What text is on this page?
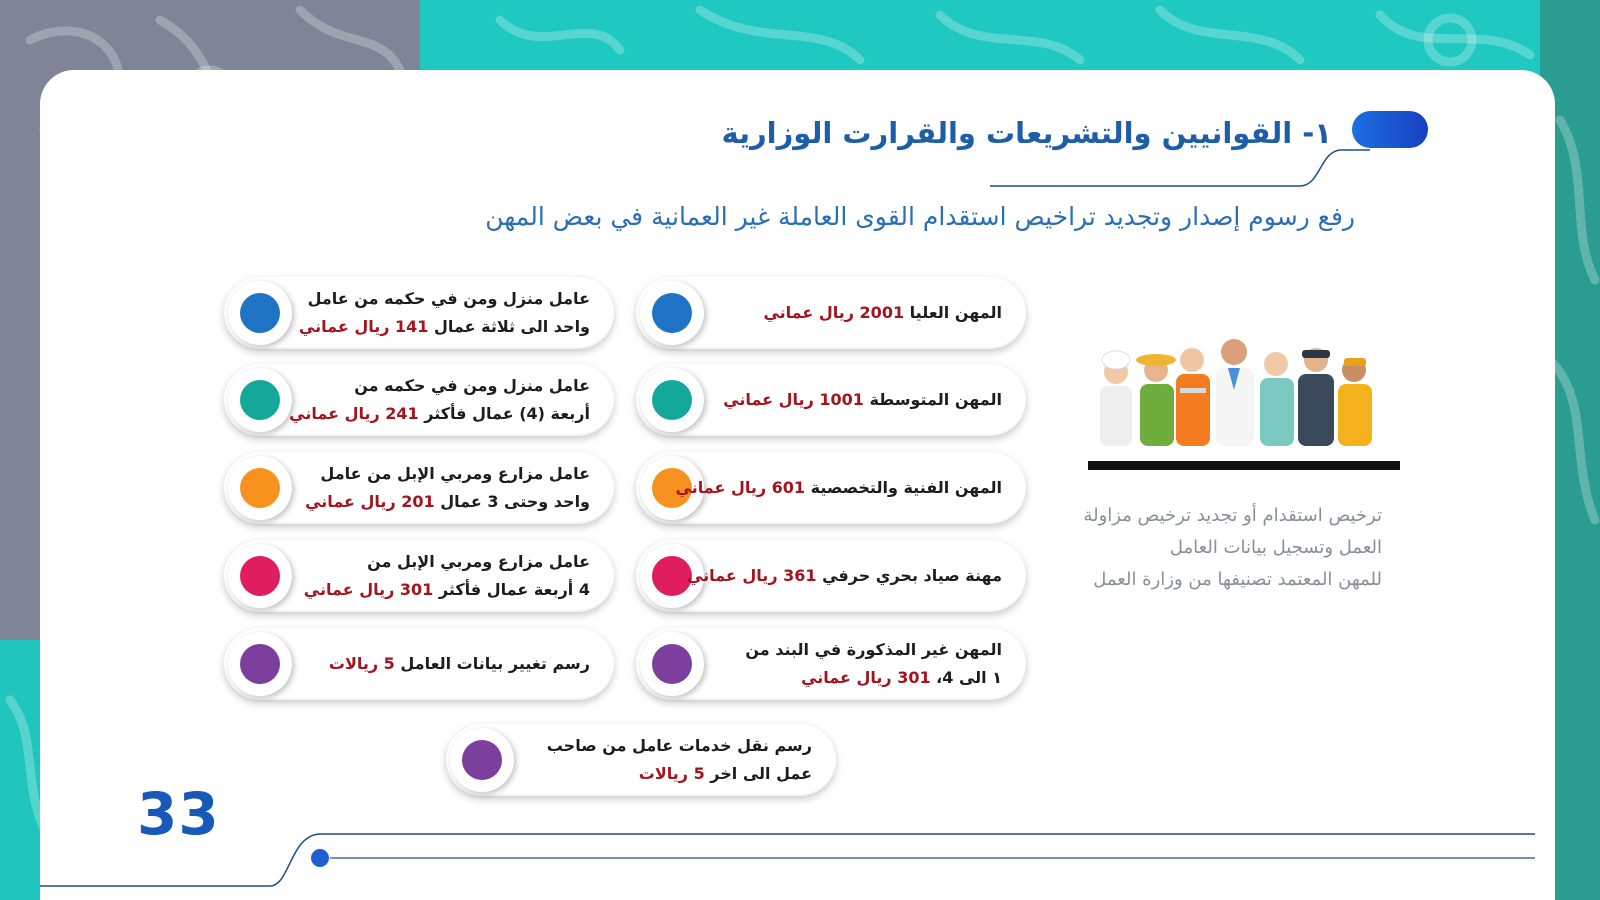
١- القوانيين والتشريعات والقرارت الوزارية
رفع رسوم إصدار وتجديد تراخيص استقدام القوى العاملة غير العمانية في بعض المهن
ترخيص استقدام أو تجديد ترخيص مزاولة
العمل وتسجيل بيانات العامل
للمهن المعتمد تصنيفها من وزارة العمل
المهن العليا 2001 ريال عماني
المهن المتوسطة 1001 ريال عماني
المهن الفنية والتخصصية 601 ريال عماني
مهنة صياد بحري حرفي 361 ريال عماني
المهن غير المذكورة في البند من
١ الى 4، 301 ريال عماني
عامل منزل ومن في حكمه من عامل
واحد الى ثلاثة عمال 141 ريال عماني
عامل منزل ومن في حكمه من
أربعة (4) عمال فأكثر 241 ريال عماني
عامل مزارع ومربي الإبل من عامل
واحد وحتى 3 عمال 201 ريال عماني
عامل مزارع ومربي الإبل من
4 أربعة عمال فأكثر 301 ريال عماني
رسم تغيير بيانات العامل 5 ريالات
رسم نقل خدمات عامل من صاحب
عمل الى اخر 5 ريالات
33
